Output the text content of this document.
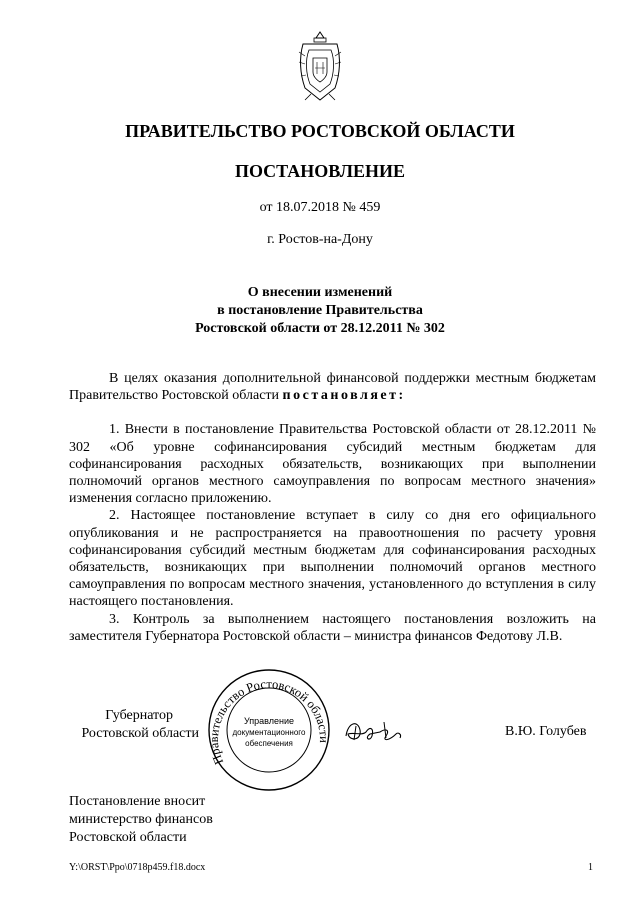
ПРАВИТЕЛЬСТВО РОСТОВСКОЙ ОБЛАСТИ
ПОСТАНОВЛЕНИЕ
от 18.07.2018 № 459
г. Ростов-на-Дону
О внесении изменений
в постановление Правительства
Ростовской области от 28.12.2011 № 302

В целях оказания дополнительной финансовой поддержки местным бюджетам Правительство Ростовской области постановляет:

1. Внести в постановление Правительства Ростовской области от 28.12.2011 № 302 «Об уровне софинансирования субсидий местным бюджетам для софинансирования расходных обязательств, возникающих при выполнении полномочий органов местного самоуправления по вопросам местного значения» изменения согласно приложению.

2. Настоящее постановление вступает в силу со дня его официального опубликования и не распространяется на правоотношения по расчету уровня софинансирования субсидий местным бюджетам для софинансирования расходных обязательств, возникающих при выполнении полномочий органов местного самоуправления по вопросам местного значения, установленного до вступления в силу настоящего постановления.

3. Контроль за выполнением настоящего постановления возложить на заместителя Губернатора Ростовской области – министра финансов Федотову Л.В.

Губернатор
Ростовской области
Правительство Ростовской области
Управление
документационного
обеспечения
В.Ю. Голубев
Постановление вносит
министерство финансов
Ростовской области
Y:\ORST\Ppo\0718p459.f18.docx	1
